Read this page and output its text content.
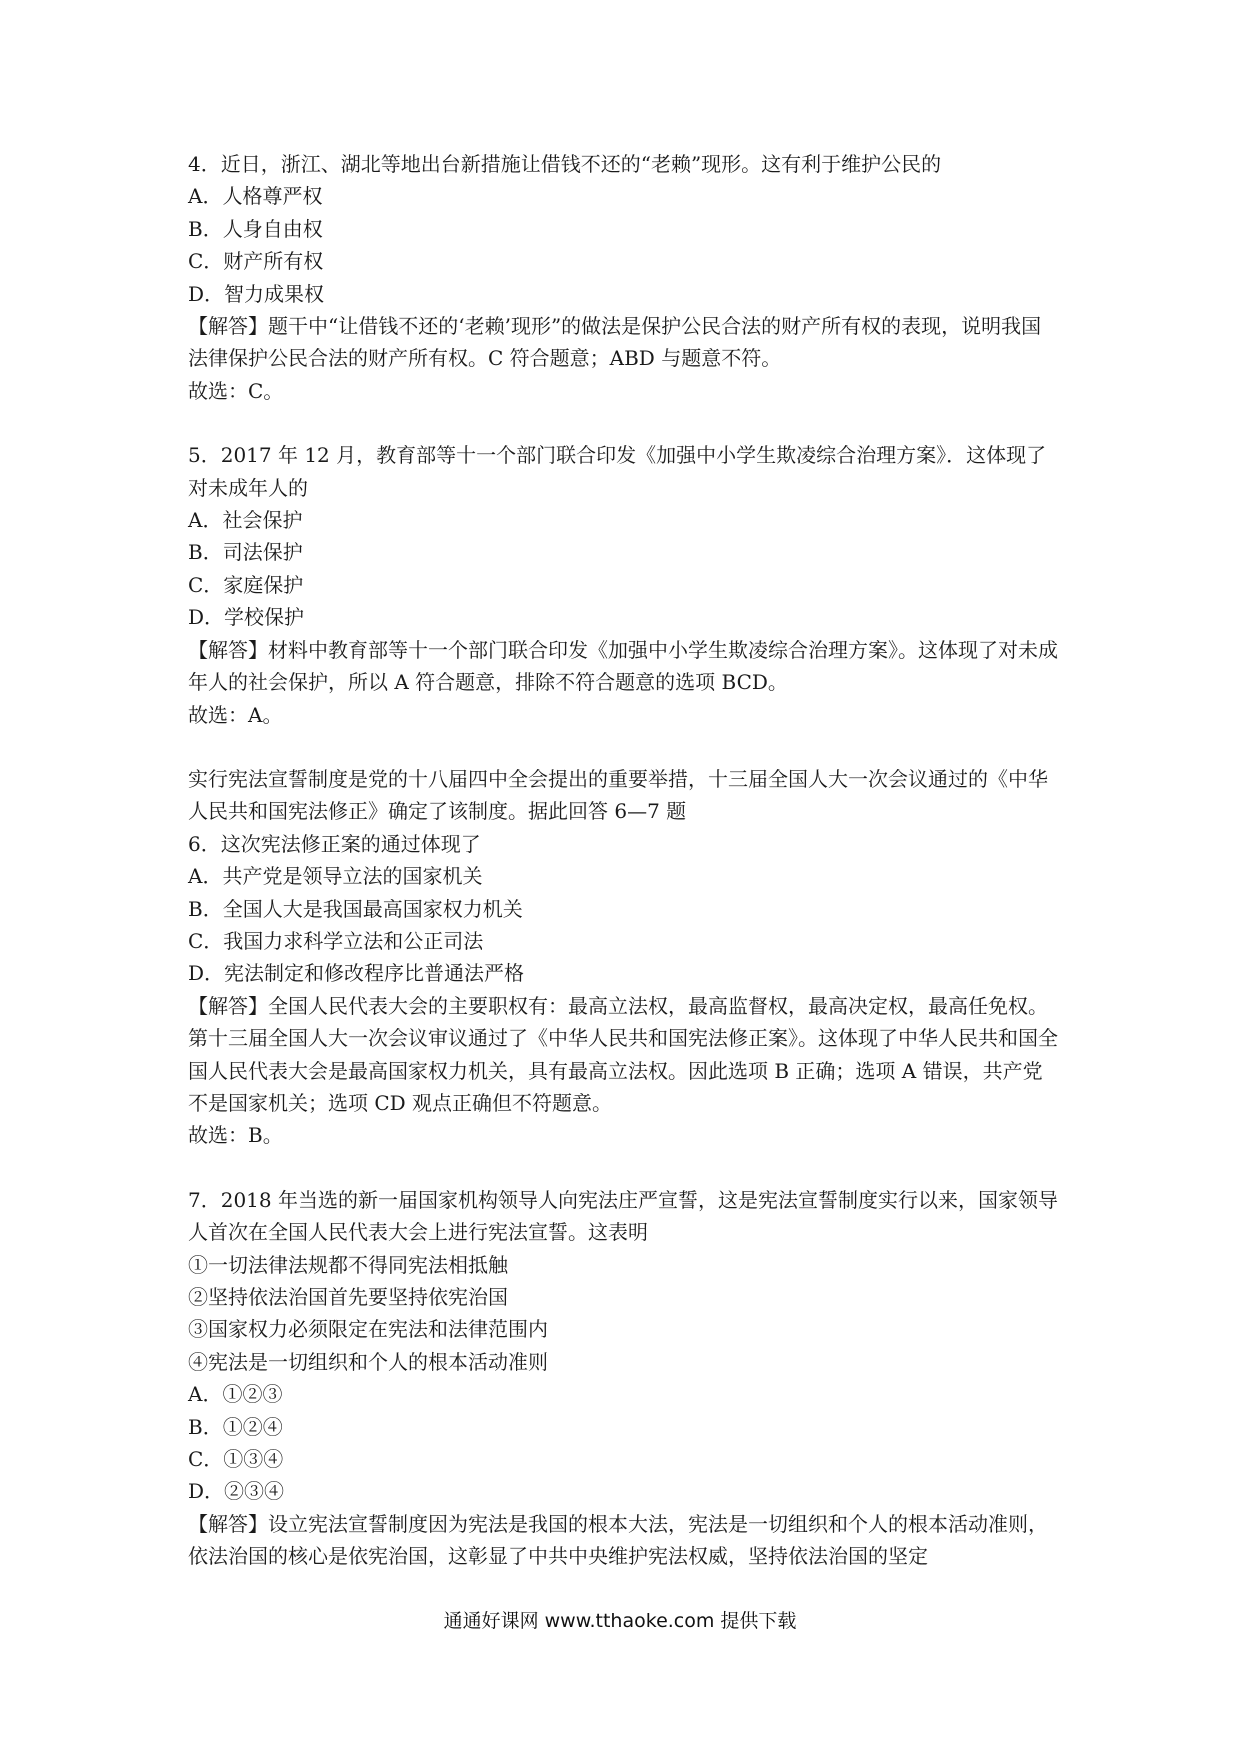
4．近日，浙江、湖北等地出台新措施让借钱不还的“老赖”现形。这有利于维护公民的
A．人格尊严权
B．人身自由权
C．财产所有权
D．智力成果权
【解答】题干中“让借钱不还的‘老赖’现形”的做法是保护公民合法的财产所有权的表现，说明我国法律保护公民合法的财产所有权。C 符合题意；ABD 与题意不符。
故选：C。
5．2017 年 12 月，教育部等十一个部门联合印发《加强中小学生欺凌综合治理方案》．这体现了对未成年人的
A．社会保护
B．司法保护
C．家庭保护
D．学校保护
【解答】材料中教育部等十一个部门联合印发《加强中小学生欺凌综合治理方案》。这体现了对未成年人的社会保护，所以 A 符合题意，排除不符合题意的选项 BCD。
故选：A。
实行宪法宣誓制度是党的十八届四中全会提出的重要举措，十三届全国人大一次会议通过的《中华人民共和国宪法修正》确定了该制度。据此回答 6—7 题
6．这次宪法修正案的通过体现了
A．共产党是领导立法的国家机关
B．全国人大是我国最高国家权力机关
C．我国力求科学立法和公正司法
D．宪法制定和修改程序比普通法严格
【解答】全国人民代表大会的主要职权有：最高立法权，最高监督权，最高决定权，最高任免权。第十三届全国人大一次会议审议通过了《中华人民共和国宪法修正案》。这体现了中华人民共和国全国人民代表大会是最高国家权力机关，具有最高立法权。因此选项 B 正确；选项 A 错误，共产党不是国家机关；选项 CD 观点正确但不符题意。
故选：B。
7．2018 年当选的新一届国家机构领导人向宪法庄严宣誓，这是宪法宣誓制度实行以来，国家领导人首次在全国人民代表大会上进行宪法宣誓。这表明
①一切法律法规都不得同宪法相抵触
②坚持依法治国首先要坚持依宪治国
③国家权力必须限定在宪法和法律范围内
④宪法是一切组织和个人的根本活动准则
A．①②③
B．①②④
C．①③④
D．②③④
【解答】设立宪法宣誓制度因为宪法是我国的根本大法，宪法是一切组织和个人的根本活动准则，依法治国的核心是依宪治国，这彰显了中共中央维护宪法权威，坚持依法治国的坚定
通通好课网 www.tthaoke.com 提供下载
